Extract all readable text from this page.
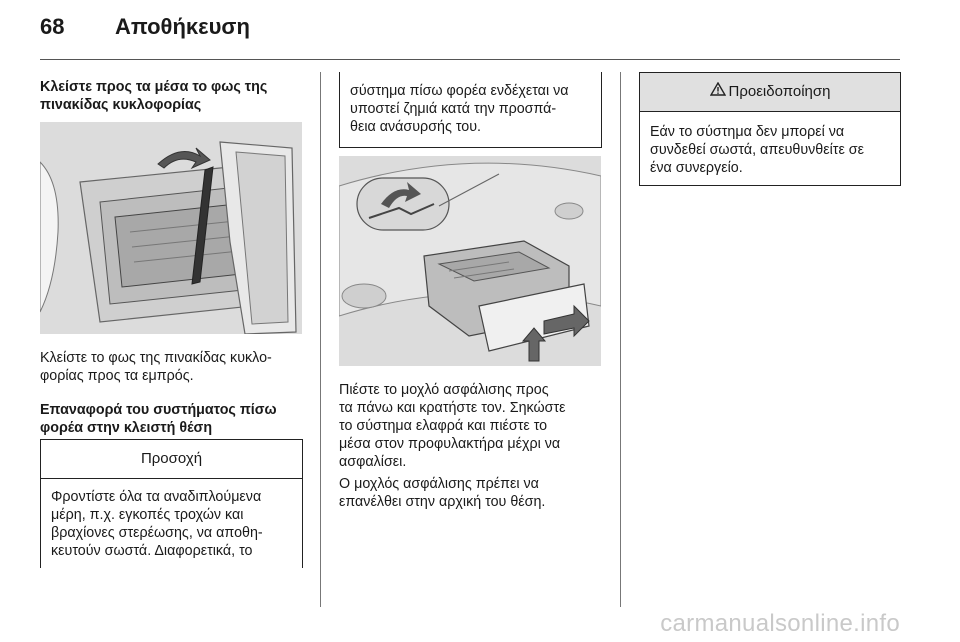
68 Αποθήκευση
Κλείστε προς τα μέσα το φως της
πινακίδας κυκλοφορίας
Κλείστε το φως της πινακίδας κυκλο-
φορίας προς τα εμπρός.
Επαναφορά του συστήματος πίσω
φορέα στην κλειστή θέση
Προσοχή
Φροντίστε όλα τα αναδιπλούμενα
μέρη, π.χ. εγκοπές τροχών και
βραχίονες στερέωσης, να αποθη-
κευτούν σωστά. Διαφορετικά, το
σύστημα πίσω φορέα ενδέχεται να
υποστεί ζημιά κατά την προσπά-
θεια ανάσυρσής του.
Πιέστε το μοχλό ασφάλισης προς
τα πάνω και κρατήστε τον. Σηκώστε
το σύστημα ελαφρά και πιέστε το
μέσα στον προφυλακτήρα μέχρι να
ασφαλίσει.
Ο μοχλός ασφάλισης πρέπει να
επανέλθει στην αρχική του θέση.
Προειδοποίηση
Εάν το σύστημα δεν μπορεί να
συνδεθεί σωστά, απευθυνθείτε σε
ένα συνεργείο.
carmanualsonline.info
